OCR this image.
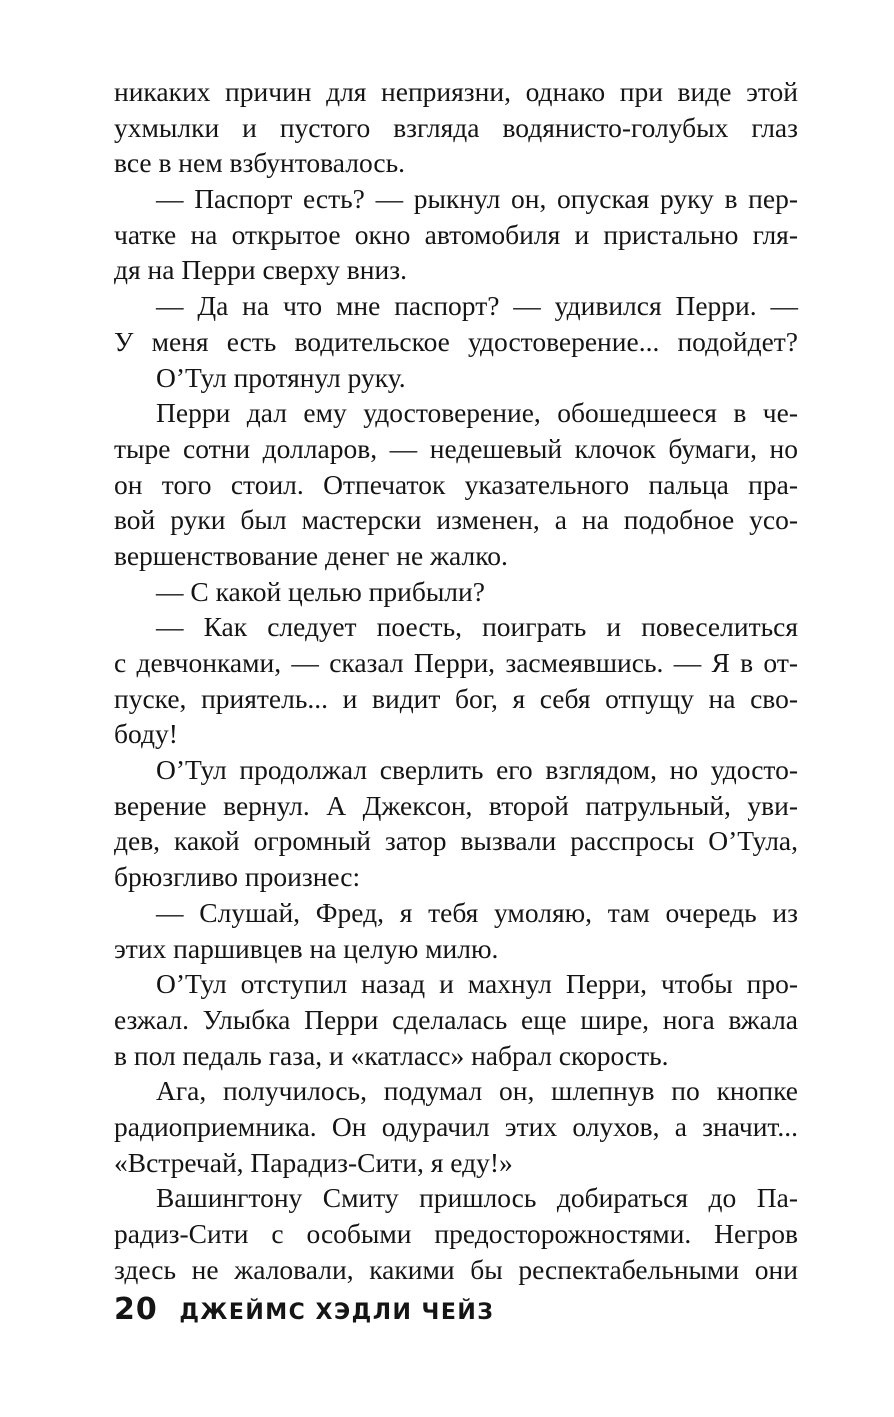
никаких причин для неприязни, однако при виде этой
ухмылки и пустого взгляда водянисто-голубых глаз
все в нем взбунтовалось.
— Паспорт есть? — рыкнул он, опуская руку в пер-
чатке на открытое окно автомобиля и пристально гля-
дя на Перри сверху вниз.
— Да на что мне паспорт? — удивился Перри. —
У меня есть водительское удостоверение... подойдет?
О’Тул протянул руку.
Перри дал ему удостоверение, обошедшееся в че-
тыре сотни долларов, — недешевый клочок бумаги, но
он того стоил. Отпечаток указательного пальца пра-
вой руки был мастерски изменен, а на подобное усо-
вершенствование денег не жалко.
— С какой целью прибыли?
— Как следует поесть, поиграть и повеселиться
с девчонками, — сказал Перри, засмеявшись. — Я в от-
пуске, приятель... и видит бог, я себя отпущу на сво-
боду!
О’Тул продолжал сверлить его взглядом, но удосто-
верение вернул. А Джексон, второй патрульный, уви-
дев, какой огромный затор вызвали расспросы О’Тула,
брюзгливо произнес:
— Слушай, Фред, я тебя умоляю, там очередь из
этих паршивцев на целую милю.
О’Тул отступил назад и махнул Перри, чтобы про-
езжал. Улыбка Перри сделалась еще шире, нога вжала
в пол педаль газа, и «катласс» набрал скорость.
Ага, получилось, подумал он, шлепнув по кнопке
радиоприемника. Он одурачил этих олухов, а значит...
«Встречай, Парадиз-Сити, я еду!»
Вашингтону Смиту пришлось добираться до Па-
радиз-Сити с особыми предосторожностями. Негров
здесь не жаловали, какими бы респектабельными они
20 ДЖЕЙМС ХЭДЛИ ЧЕЙЗ
